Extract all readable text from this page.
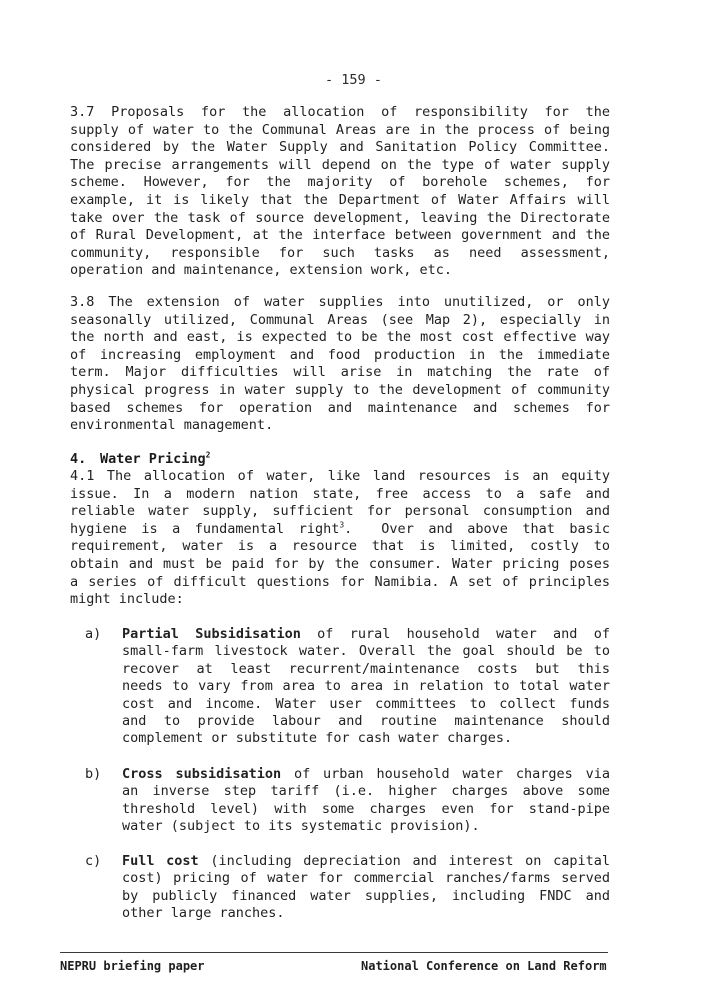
- 159 -
3.7 Proposals for the allocation of responsibility for the
supply of water to the Communal Areas are in the process of being
considered by the Water Supply and Sanitation Policy Committee.
The precise arrangements will depend on the type of water supply
scheme. However, for the majority of borehole schemes, for
example, it is likely that the Department of Water Affairs will
take over the task of source development, leaving the Directorate
of Rural Development, at the interface between government and the
community, responsible for such tasks as need assessment,
operation and maintenance, extension work, etc.
3.8 The extension of water supplies into unutilized, or only
seasonally utilized, Communal Areas (see Map 2), especially in
the north and east, is expected to be the most cost effective way
of increasing employment and food production in the immediate
term. Major difficulties will arise in matching the rate of
physical progress in water supply to the development of community
based schemes for operation and maintenance and schemes for
environmental management.
4. Water Pricing$^2$
4.1 The allocation of water, like land resources is an equity
issue. In a modern nation state, free access to a safe and
reliable water supply, sufficient for personal consumption and
hygiene is a fundamental right$^3$.  Over and above that basic
requirement, water is a resource that is limited, costly to
obtain and must be paid for by the consumer. Water pricing poses
a series of difficult questions for Namibia. A set of principles
might include:
a) Partial Subsidisation of rural household water and of
small-farm livestock water. Overall the goal should be to
recover at least recurrent/maintenance costs but this
needs to vary from area to area in relation to total water
cost and income. Water user committees to collect funds
and to provide labour and routine maintenance should
complement or substitute for cash water charges.
b) Cross subsidisation of urban household water charges via
an inverse step tariff (i.e. higher charges above some
threshold level) with some charges even for stand-pipe
water (subject to its systematic provision).
c) Full cost (including depreciation and interest on capital
cost) pricing of water for commercial ranches/farms served
by publicly financed water supplies, including FNDC and
other large ranches.
NEPRU briefing paper	National Conference on Land Reform
